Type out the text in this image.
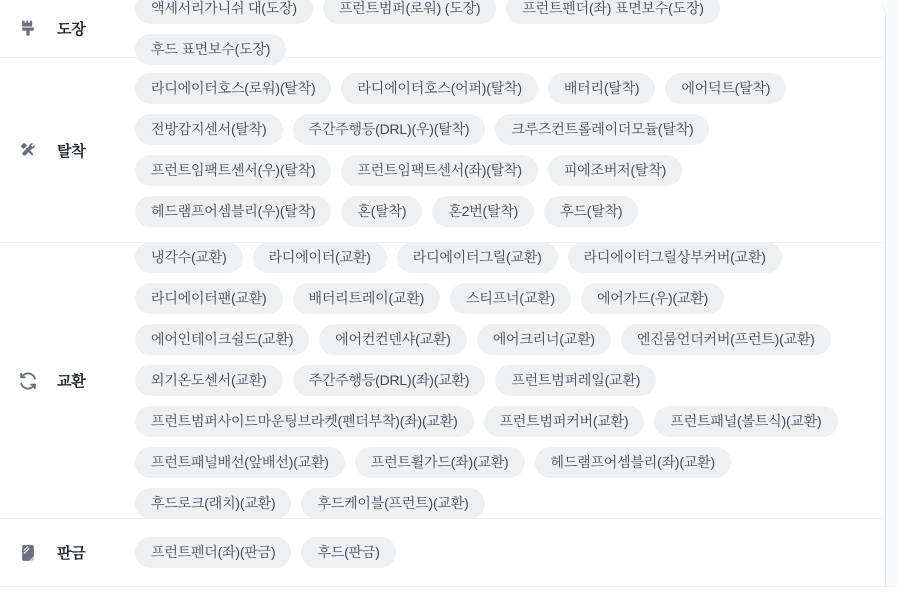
도장
액세서리가니쉬 대(도장)	프런트범퍼(로워) (도장)	프런트펜더(좌) 표면보수(도장)
후드 표면보수(도장)
탈착
라디에이터호스(로워)(탈착)	라디에이터호스(어퍼)(탈착)	배터리(탈착)	에어덕트(탈착)
전방감지센서(탈착)	주간주행등(DRL)(우)(탈착)	크루즈컨트롤레이더모듈(탈착)
프런트임팩트센서(우)(탈착)	프런트임팩트센서(좌)(탈착)	피에조버저(탈착)
헤드램프어셈블리(우)(탈착)	혼(탈착)	혼2번(탈착)	후드(탈착)
교환
냉각수(교환)	라디에이터(교환)	라디에이터그릴(교환)	라디에이터그릴상부커버(교환)
라디에이터팬(교환)	배터리트레이(교환)	스티프너(교환)	에어가드(우)(교환)
에어인테이크쉴드(교환)	에어컨컨덴샤(교환)	에어크리너(교환)	엔진룸언더커버(프런트)(교환)
외기온도센서(교환)	주간주행등(DRL)(좌)(교환)	프런트범퍼레일(교환)
프런트범퍼사이드마운팅브라켓(펜더부착)(좌)(교환)	프런트범퍼커버(교환)	프런트패널(볼트식)(교환)
프런트패널배선(앞배선)(교환)	프런트휠가드(좌)(교환)	헤드램프어셈블리(좌)(교환)
후드로크(래치)(교환)	후드케이블(프런트)(교환)
판금	프런트펜더(좌)(판금)	후드(판금)
